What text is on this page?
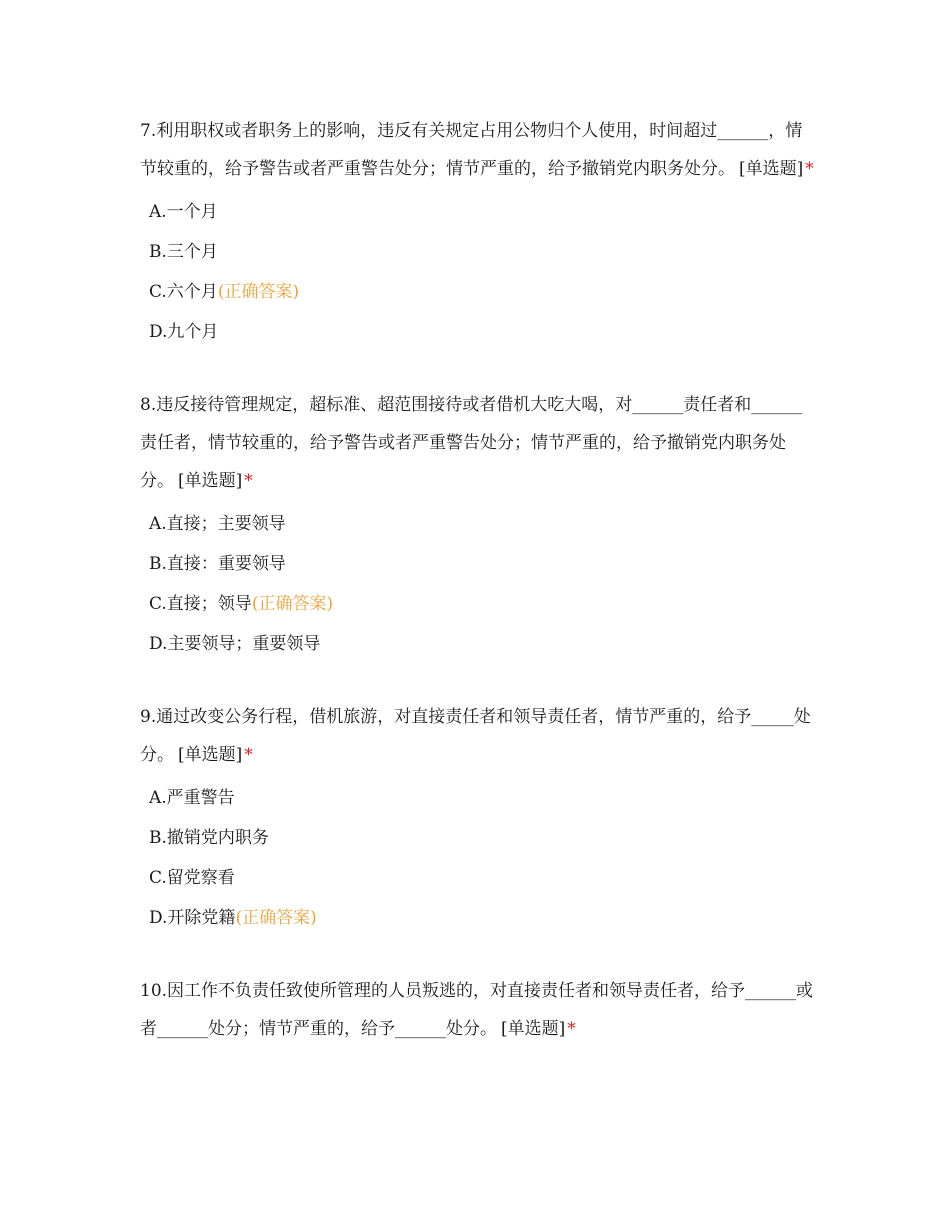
7.利用职权或者职务上的影响，违反有关规定占用公物归个人使用，时间超过______，情节较重的，给予警告或者严重警告处分；情节严重的，给予撤销党内职务处分。 [单选题] *

A.一个月
B.三个月
C.六个月(正确答案)
D.九个月

8.违反接待管理规定，超标准、超范围接待或者借机大吃大喝，对______责任者和______责任者，情节较重的，给予警告或者严重警告处分；情节严重的，给予撤销党内职务处分。 [单选题] *

A.直接；主要领导
B.直接：重要领导
C.直接；领导(正确答案)
D.主要领导；重要领导

9.通过改变公务行程，借机旅游，对直接责任者和领导责任者，情节严重的，给予_____处分。 [单选题] *

A.严重警告
B.撤销党内职务
C.留党察看
D.开除党籍(正确答案)

10.因工作不负责任致使所管理的人员叛逃的，对直接责任者和领导责任者，给予______或者______处分；情节严重的，给予______处分。 [单选题] *
